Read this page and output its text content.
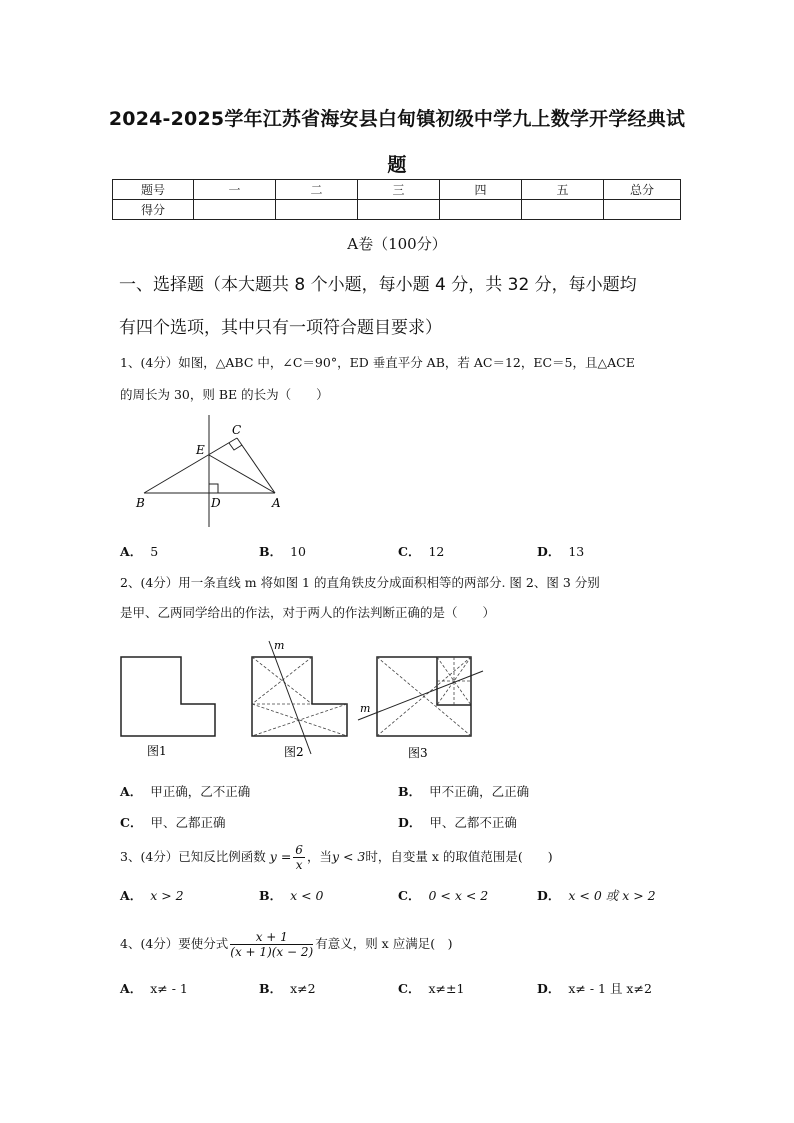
2024-2025学年江苏省海安县白甸镇初级中学九上数学开学经典试
题
题号	一	二	三	四	五	总分
得分						
A卷（100分）
一、选择题（本大题共 8 个小题，每小题 4 分，共 32 分，每小题均
有四个选项，其中只有一项符合题目要求）
1、(4分）如图，△ABC 中，∠C＝90°，ED 垂直平分 AB，若 AC＝12，EC＝5，且△ACE
的周长为 30，则 BE 的长为（　　）
C
E
B	D	A
A． 5	B． 10	C． 12	D． 13
2、(4分）用一条直线 m 将如图 1 的直角铁皮分成面积相等的两部分. 图 2、图 3 分别
是甲、乙两同学给出的作法，对于两人的作法判断正确的是（　　）
图1
m
图2
m
图3
A． 甲正确，乙不正确	B． 甲不正确，乙正确
C． 甲、乙都正确	D． 甲、乙都不正确
3、(4分）已知反比例函数 $y = \frac{6}{x}$ ，当y < 3时，自变量 x 的取值范围是(　　)
A． x > 2	B． x < 0	C． 0 < x < 2	D． x < 0 或 x > 2
4、(4分）要使分式 $\frac{x + 1}{(x + 1)(x - 2)}$ 有意义，则 x 应满足(　)
A． x≠ - 1	B． x≠2	C． x≠±1	D． x≠ - 1 且 x≠2
